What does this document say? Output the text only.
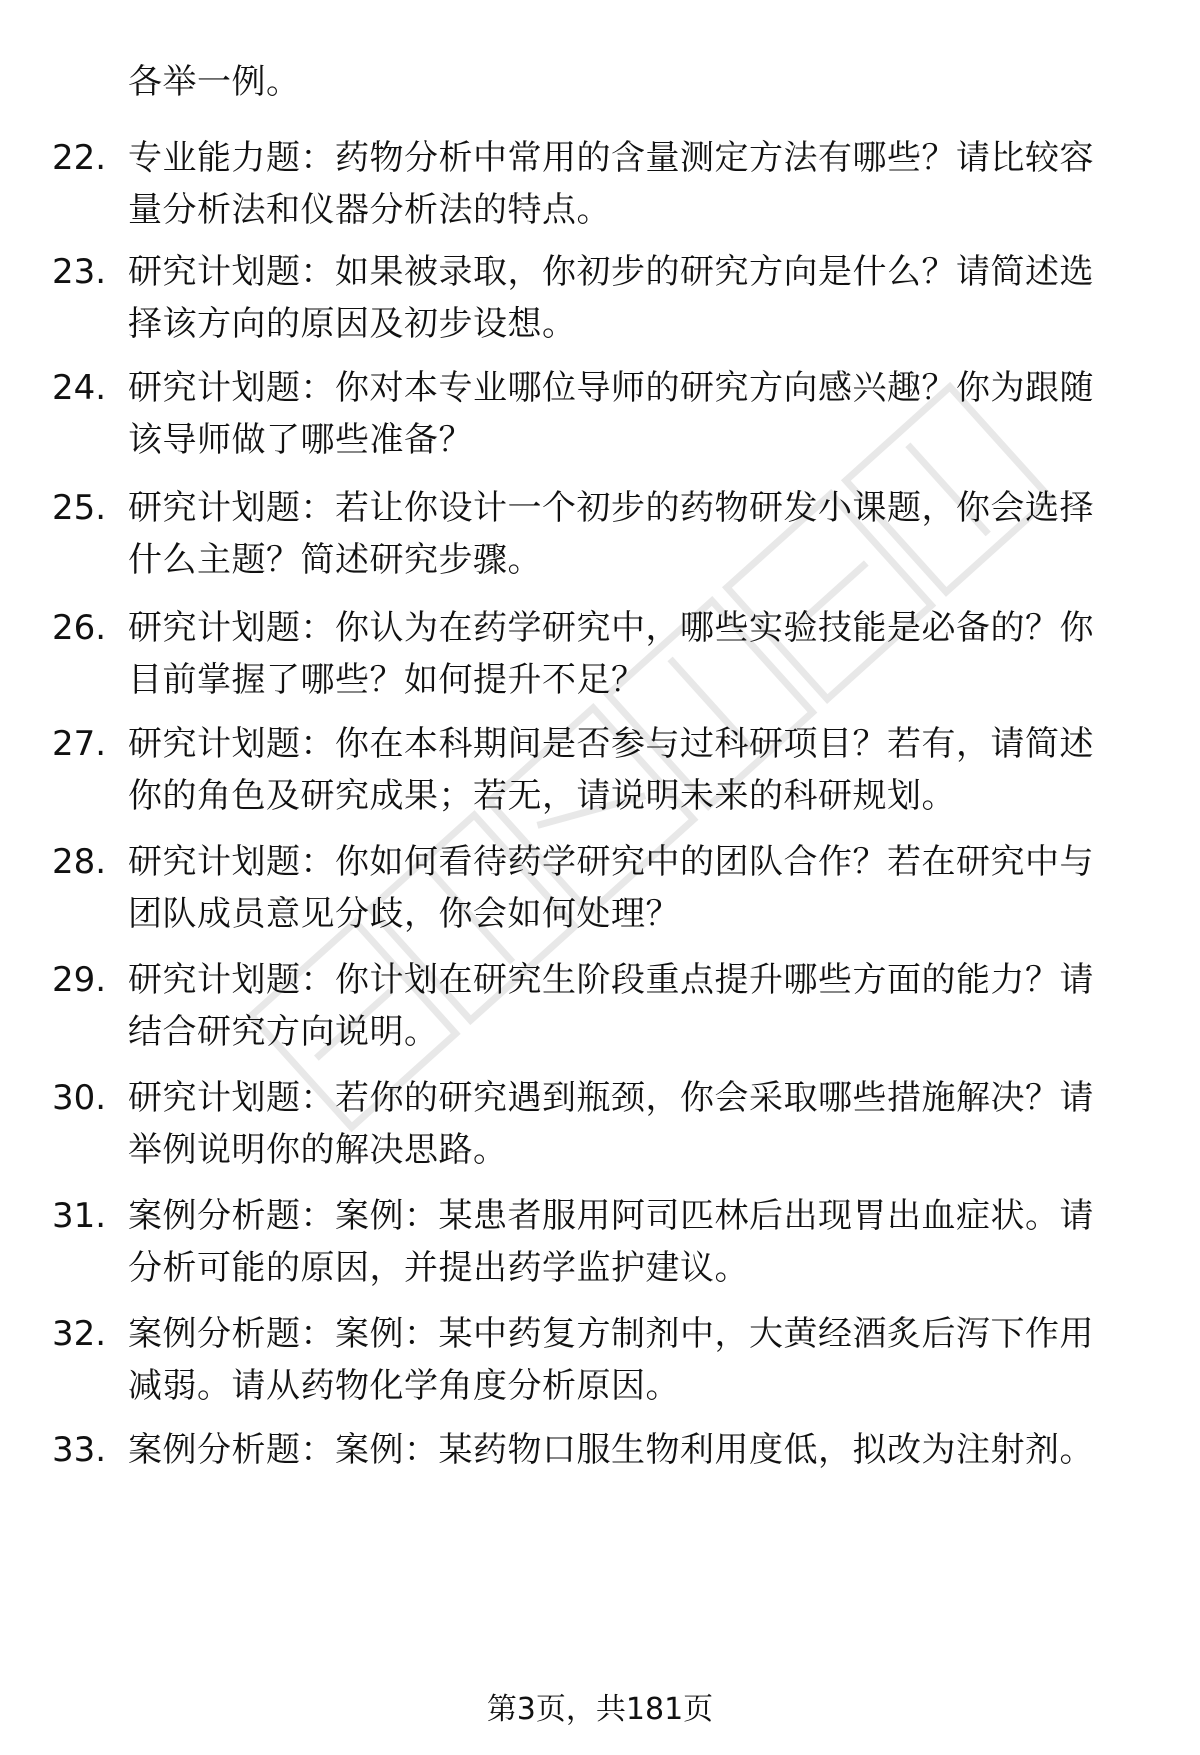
各举一例。
22. 专业能力题：药物分析中常用的含量测定方法有哪些？请比较容
量分析法和仪器分析法的特点。
23. 研究计划题：如果被录取，你初步的研究方向是什么？请简述选
择该方向的原因及初步设想。
24. 研究计划题：你对本专业哪位导师的研究方向感兴趣？你为跟随
该导师做了哪些准备？
25. 研究计划题：若让你设计一个初步的药物研发小课题，你会选择
什么主题？简述研究步骤。
26. 研究计划题：你认为在药学研究中，哪些实验技能是必备的？你
目前掌握了哪些？如何提升不足？
27. 研究计划题：你在本科期间是否参与过科研项目？若有，请简述
你的角色及研究成果；若无，请说明未来的科研规划。
28. 研究计划题：你如何看待药学研究中的团队合作？若在研究中与
团队成员意见分歧，你会如何处理？
29. 研究计划题：你计划在研究生阶段重点提升哪些方面的能力？请
结合研究方向说明。
30. 研究计划题：若你的研究遇到瓶颈，你会采取哪些措施解决？请
举例说明你的解决思路。
31. 案例分析题：案例：某患者服用阿司匹林后出现胃出血症状。请
分析可能的原因，并提出药学监护建议。
32. 案例分析题：案例：某中药复方制剂中，大黄经酒炙后泻下作用
减弱。请从药物化学角度分析原因。
33. 案例分析题：案例：某药物口服生物利用度低，拟改为注射剂。
第3页，共181页
